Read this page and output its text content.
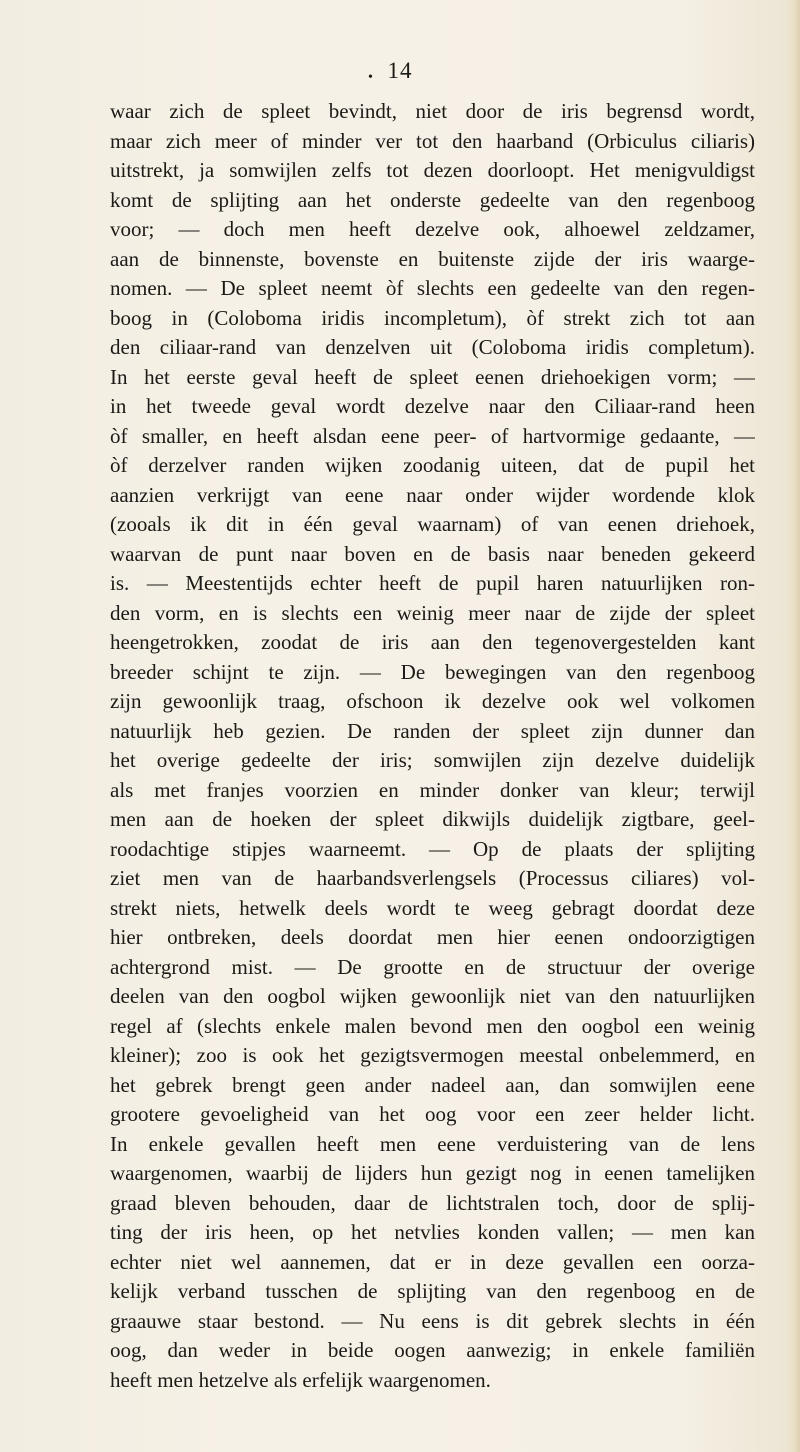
• 14
waar zich de spleet bevindt, niet door de iris begrensd wordt,
maar zich meer of minder ver tot den haarband (Orbiculus ciliaris)
uitstrekt, ja somwijlen zelfs tot dezen doorloopt. Het menigvuldigst
komt de splijting aan het onderste gedeelte van den regenboog
voor; — doch men heeft dezelve ook, alhoewel zeldzamer,
aan de binnenste, bovenste en buitenste zijde der iris waarge-
nomen. — De spleet neemt òf slechts een gedeelte van den regen-
boog in (Coloboma iridis incompletum), òf strekt zich tot aan
den ciliaar-rand van denzelven uit (Coloboma iridis completum).
In het eerste geval heeft de spleet eenen driehoekigen vorm; —
in het tweede geval wordt dezelve naar den Ciliaar-rand heen
òf smaller, en heeft alsdan eene peer- of hartvormige gedaante, —
òf derzelver randen wijken zoodanig uiteen, dat de pupil het
aanzien verkrijgt van eene naar onder wijder wordende klok
(zooals ik dit in één geval waarnam) of van eenen driehoek,
waarvan de punt naar boven en de basis naar beneden gekeerd
is. — Meestentijds echter heeft de pupil haren natuurlijken ron-
den vorm, en is slechts een weinig meer naar de zijde der spleet
heengetrokken, zoodat de iris aan den tegenovergestelden kant
breeder schijnt te zijn. — De bewegingen van den regenboog
zijn gewoonlijk traag, ofschoon ik dezelve ook wel volkomen
natuurlijk heb gezien. De randen der spleet zijn dunner dan
het overige gedeelte der iris; somwijlen zijn dezelve duidelijk
als met franjes voorzien en minder donker van kleur; terwijl
men aan de hoeken der spleet dikwijls duidelijk zigtbare, geel-
roodachtige stipjes waarneemt. — Op de plaats der splijting
ziet men van de haarbandsverlengsels (Processus ciliares) vol-
strekt niets, hetwelk deels wordt te weeg gebragt doordat deze
hier ontbreken, deels doordat men hier eenen ondoorzigtigen
achtergrond mist. — De grootte en de structuur der overige
deelen van den oogbol wijken gewoonlijk niet van den natuurlijken
regel af (slechts enkele malen bevond men den oogbol een weinig
kleiner); zoo is ook het gezigtsvermogen meestal onbelemmerd, en
het gebrek brengt geen ander nadeel aan, dan somwijlen eene
grootere gevoeligheid van het oog voor een zeer helder licht.
In enkele gevallen heeft men eene verduistering van de lens
waargenomen, waarbij de lijders hun gezigt nog in eenen tamelijken
graad bleven behouden, daar de lichtstralen toch, door de splij-
ting der iris heen, op het netvlies konden vallen; — men kan
echter niet wel aannemen, dat er in deze gevallen een oorza-
kelijk verband tusschen de splijting van den regenboog en de
graauwe staar bestond. — Nu eens is dit gebrek slechts in één
oog, dan weder in beide oogen aanwezig; in enkele familiën
heeft men hetzelve als erfelijk waargenomen.
